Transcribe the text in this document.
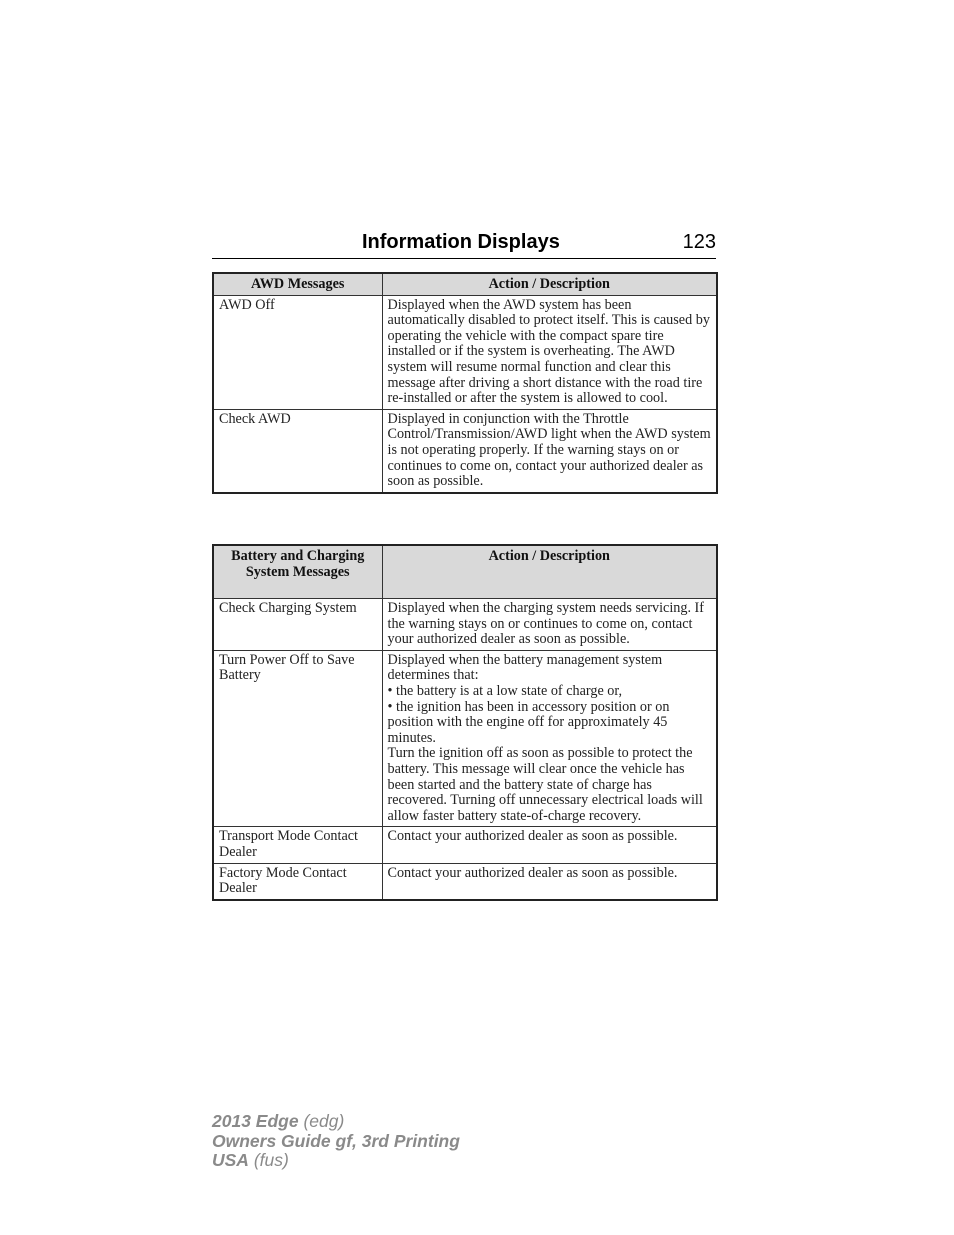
Information Displays	123
AWD Messages	Action / Description
AWD Off	Displayed when the AWD system has been automatically disabled to protect itself. This is caused by operating the vehicle with the compact spare tire installed or if the system is overheating. The AWD system will resume normal function and clear this message after driving a short distance with the road tire re-installed or after the system is allowed to cool.
Check AWD	Displayed in conjunction with the Throttle Control/Transmission/AWD light when the AWD system is not operating properly. If the warning stays on or continues to come on, contact your authorized dealer as soon as possible.
Battery and Charging System Messages	Action / Description
Check Charging System	Displayed when the charging system needs servicing. If the warning stays on or continues to come on, contact your authorized dealer as soon as possible.
Turn Power Off to Save Battery	Displayed when the battery management system determines that:
• the battery is at a low state of charge or,
• the ignition has been in accessory position or on position with the engine off for approximately 45 minutes.
Turn the ignition off as soon as possible to protect the battery. This message will clear once the vehicle has been started and the battery state of charge has recovered. Turning off unnecessary electrical loads will allow faster battery state-of-charge recovery.

Transport Mode Contact Dealer	Contact your authorized dealer as soon as possible.
Factory Mode Contact Dealer	Contact your authorized dealer as soon as possible.
2013 Edge (edg)
Owners Guide gf, 3rd Printing
USA (fus)
